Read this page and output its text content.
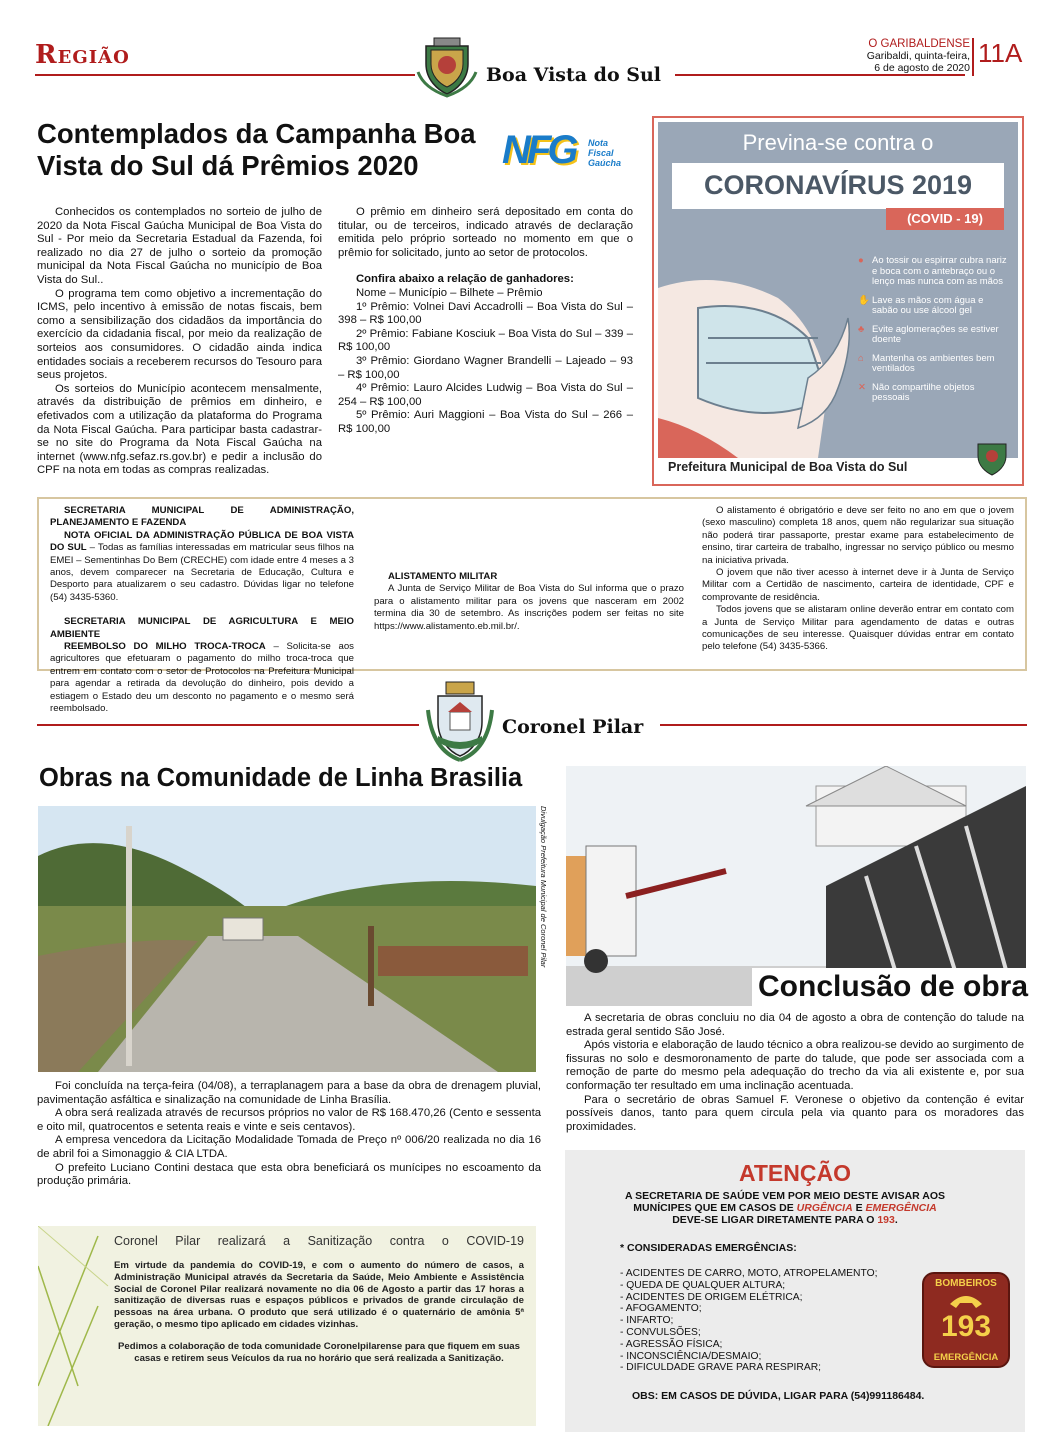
Região
Boa Vista do Sul
O GARIBALDENSE
Garibaldi, quinta-feira,
6 de agosto de 2020 11A
Contemplados da Campanha Boa Vista do Sul dá Prêmios 2020	NFG Nota Fiscal
Gaúcha

Conhecidos os contemplados no sorteio de julho de 2020 da Nota Fiscal Gaúcha Municipal de Boa Vista do Sul - Por meio da Secretaria Estadual da Fazenda, foi realizado no dia 27 de julho o sorteio da promoção municipal da Nota Fiscal Gaúcha no município de Boa Vista do Sul..

O programa tem como objetivo a incrementação do ICMS, pelo incentivo à emissão de notas fiscais, bem como a sensibilização dos cidadãos da importância do exercício da cidadania fiscal, por meio da realização de sorteios aos consumidores. O cidadão ainda indica entidades sociais a receberem recursos do Tesouro para seus projetos.

Os sorteios do Município acontecem mensalmente, através da distribuição de prêmios em dinheiro, e efetivados com a utilização da plataforma do Programa da Nota Fiscal Gaúcha. Para participar basta cadastrar-se no site do Programa da Nota Fiscal Gaúcha na internet (www.nfg.sefaz.rs.gov.br) e pedir a inclusão do CPF na nota em todas as compras realizadas.

O prêmio em dinheiro será depositado em conta do titular, ou de terceiros, indicado através de declaração emitida pelo próprio sorteado no momento em que o prêmio for solicitado, junto ao setor de protocolos.

Confira abaixo a relação de ganhadores:

Nome – Município – Bilhete – Prêmio

1º Prêmio: Volnei Davi Accadrolli – Boa Vista do Sul – 398 – R$ 100,00

2º Prêmio: Fabiane Kosciuk – Boa Vista do Sul – 339 – R$ 100,00

3º Prêmio: Giordano Wagner Brandelli – Lajeado – 93 – R$ 100,00

4º Prêmio: Lauro Alcides Ludwig – Boa Vista do Sul – 254 – R$ 100,00

5º Prêmio: Auri Maggioni – Boa Vista do Sul – 266 – R$ 100,00

Previna-se contra o
CORONAVÍRUS 2019
(COVID - 19)
● Ao tossir ou espirrar cubra nariz e boca com o antebraço ou o lenço mas nunca com as mãos
✋ Lave as mãos com água e sabão ou use álcool gel
♣ Evite aglomerações se estiver doente
⌂ Mantenha os ambientes bem ventilados
✕ Não compartilhe objetos pessoais
Prefeitura Municipal de Boa Vista do Sul

SECRETARIA MUNICIPAL DE ADMINISTRAÇÃO, PLANEJAMENTO E FAZENDA

NOTA OFICIAL DA ADMINISTRAÇÃO PÚBLICA DE BOA VISTA DO SUL – Todas as famílias interessadas em matricular seus filhos na EMEI – Sementinhas Do Bem (CRECHE) com idade entre 4 meses a 3 anos, devem comparecer na Secretaria de Educação, Cultura e Desporto para atualizarem o seu cadastro. Dúvidas ligar no telefone (54) 3435-5360.

SECRETARIA MUNICIPAL DE AGRICULTURA E MEIO AMBIENTE

REEMBOLSO DO MILHO TROCA-TROCA – Solicita-se aos agricultores que efetuaram o pagamento do milho troca-troca que entrem em contato com o setor de Protocolos na Prefeitura Municipal para agendar a retirada da devolução do dinheiro, pois devido a estiagem o Estado deu um desconto no pagamento e o mesmo será reembolsado.

ALISTAMENTO MILITAR

A Junta de Serviço Militar de Boa Vista do Sul informa que o prazo para o alistamento militar para os jovens que nasceram em 2002 termina dia 30 de setembro. As inscrições podem ser feitas no site https://www.alistamento.eb.mil.br/.

O alistamento é obrigatório e deve ser feito no ano em que o jovem (sexo masculino) completa 18 anos, quem não regularizar sua situação não poderá tirar passaporte, prestar exame para estabelecimento de ensino, tirar carteira de trabalho, ingressar no serviço público ou mesmo na iniciativa privada.

O jovem que não tiver acesso à internet deve ir à Junta de Serviço Militar com a Certidão de nascimento, carteira de identidade, CPF e comprovante de residência.

Todos jovens que se alistaram online deverão entrar em contato com a Junta de Serviço Militar para agendamento de datas e outras comunicações de seu interesse. Quaisquer dúvidas entrar em contato pelo telefone (54) 3435-5366.

Coronel Pilar
Obras na Comunidade de Linha Brasilia
Divulgação Prefeitura Municipal de Coronel Pilar

Foi concluída na terça-feira (04/08), a terraplanagem para a base da obra de drenagem pluvial, pavimentação asfáltica e sinalização na comunidade de Linha Brasília.

A obra será realizada através de recursos próprios no valor de R$ 168.470,26 (Cento e sessenta e oito mil, quatrocentos e setenta reais e vinte e seis centavos).

A empresa vencedora da Licitação Modalidade Tomada de Preço nº 006/20 realizada no dia 16 de abril foi a Simonaggio & CIA LTDA.

O prefeito Luciano Contini destaca que esta obra beneficiará os munícipes no escoamento da produção primária.

Conclusão de obra

A secretaria de obras concluiu no dia 04 de agosto a obra de contenção do talude na estrada geral sentido São José.

Após vistoria e elaboração de laudo técnico a obra realizou-se devido ao surgimento de fissuras no solo e desmoronamento de parte do talude, que pode ser associada com a remoção de parte do mesmo pela adequação do trecho da via ali existente e, por sua conformação ter resultado em uma inclinação acentuada.

Para o secretário de obras Samuel F. Veronese o objetivo da contenção é evitar possíveis danos, tanto para quem circula pela via quanto para os moradores das proximidades.

Coronel Pilar realizará a Sanitização contra o COVID-19

Em virtude da pandemia do COVID-19, e com o aumento do número de casos, a Administração Municipal através da Secretaria da Saúde, Meio Ambiente e Assistência Social de Coronel Pilar realizará novamente no dia 06 de Agosto a partir das 17 horas a sanitização de diversas ruas e espaços públicos e privados de grande circulação de pessoas na área urbana. O produto que será utilizado é o quaternário de amônia 5ª geração, o mesmo tipo aplicado em cidades vizinhas.

Pedimos a colaboração de toda comunidade Coronelpilarense para que fiquem em suas casas e retirem seus Veículos da rua no horário que será realizada a Sanitização.

ATENÇÃO
A SECRETARIA DE SAÚDE VEM POR MEIO DESTE AVISAR AOS MUNÍCIPES QUE EM CASOS DE URGÊNCIA E EMERGÊNCIA DEVE-SE LIGAR DIRETAMENTE PARA O 193.
* CONSIDERADAS EMERGÊNCIAS:
- ACIDENTES DE CARRO, MOTO, ATROPELAMENTO;
- QUEDA DE QUALQUER ALTURA;
- ACIDENTES DE ORIGEM ELÉTRICA;
- AFOGAMENTO;
- INFARTO;
- CONVULSÕES;
- AGRESSÃO FÍSICA;
- INCONSCIÊNCIA/DESMAIO;
- DIFICULDADE GRAVE PARA RESPIRAR;
OBS: EM CASOS DE DÚVIDA, LIGAR PARA (54)991186484.
BOMBEIROS
193
EMERGÊNCIA
